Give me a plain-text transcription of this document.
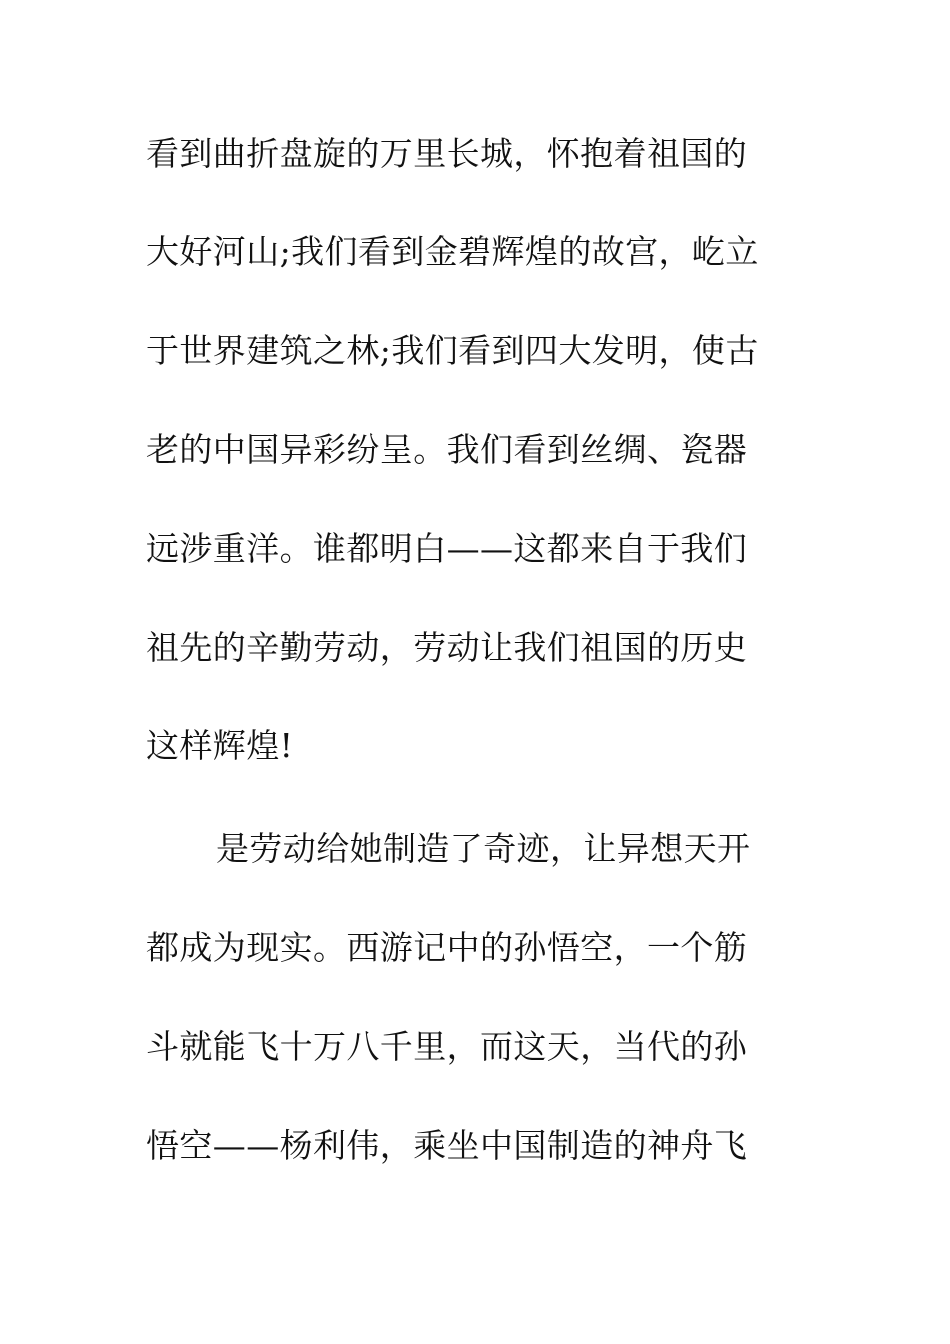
看到曲折盘旋的万里长城，怀抱着祖国的
大好河山;我们看到金碧辉煌的故宫，屹立
于世界建筑之林;我们看到四大发明，使古
老的中国异彩纷呈。我们看到丝绸、瓷器
远涉重洋。谁都明白——这都来自于我们
祖先的辛勤劳动，劳动让我们祖国的历史
这样辉煌!
是劳动给她制造了奇迹，让异想天开
都成为现实。西游记中的孙悟空，一个筋
斗就能飞十万八千里，而这天，当代的孙
悟空——杨利伟，乘坐中国制造的神舟飞
